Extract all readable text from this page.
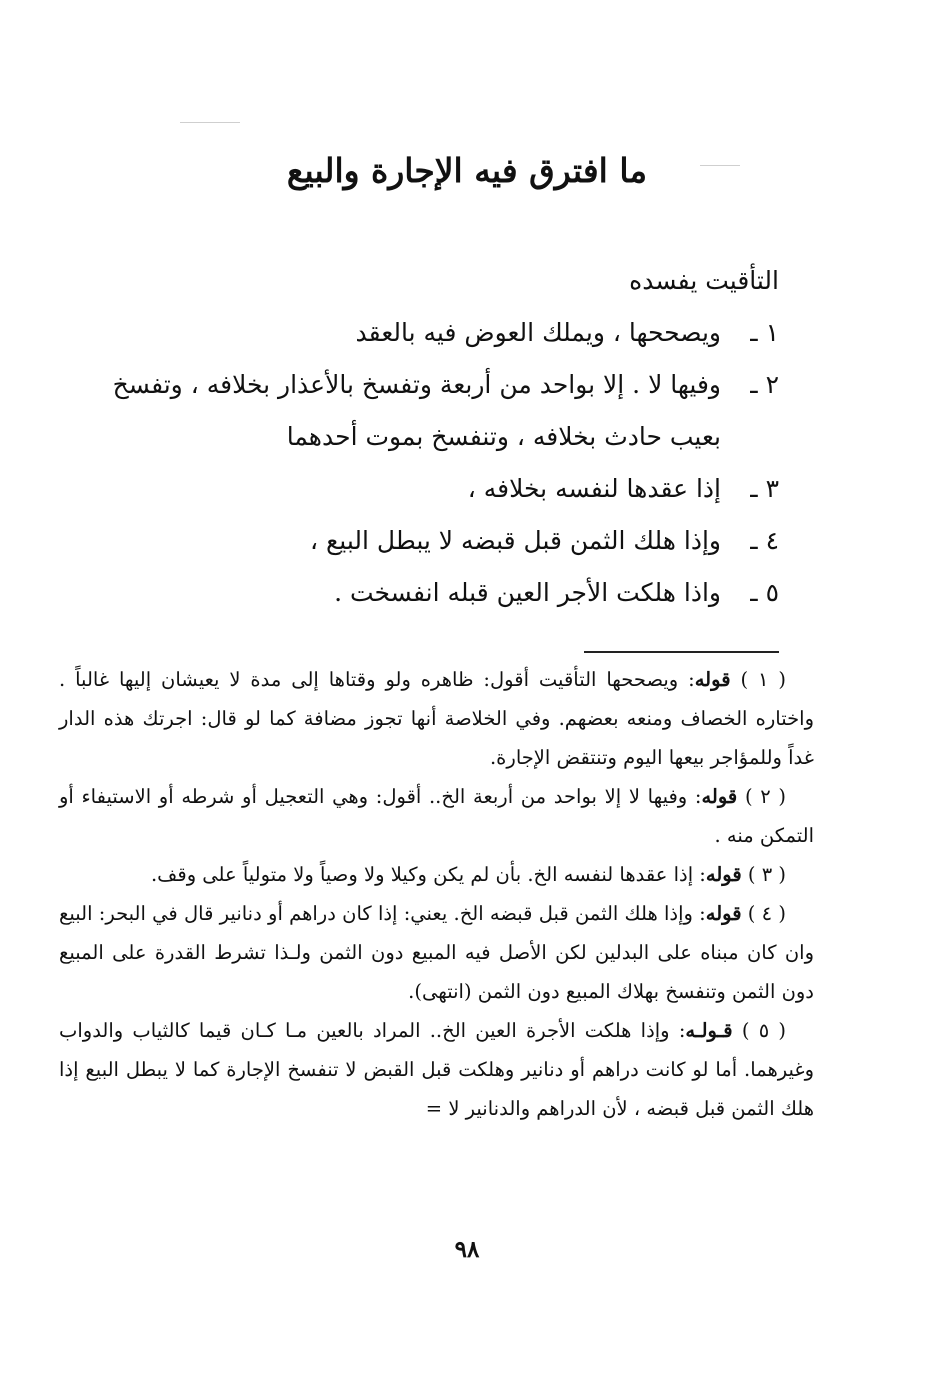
ما افترق فيه الإجارة والبيع

التأقيت يفسده

١ ـ
ويصححها ، ويملك العوض فيه بالعقد
٢ ـ
وفيها لا . إلا بواحد من أربعة وتفسخ بالأعذار بخلافه ، وتفسخ بعيب حادث بخلافه ، وتنفسخ بموت أحدهما
٣ ـ
إذا عقدها لنفسه بخلافه ،
٤ ـ
وإذا هلك الثمن قبل قبضه لا يبطل البيع ،
٥ ـ
واذا هلكت الأجر العين قبله انفسخت .

( ١ ) قوله: ويصححها التأقيت أقول: ظاهره ولو وقتاها إلى مدة لا يعيشان إليها غالباً . واختاره الخصاف ومنعه بعضهم. وفي الخلاصة أنها تجوز مضافة كما لو قال: اجرتك هذه الدار غداً وللمؤاجر بيعها اليوم وتنتقض الإجارة.

( ٢ ) قوله: وفيها لا إلا بواحد من أربعة الخ.. أقول: وهي التعجيل أو شرطه أو الاستيفاء أو التمكن منه .

( ٣ ) قوله: إذا عقدها لنفسه الخ. بأن لم يكن وكيلا ولا وصياً ولا متولياً على وقف.

( ٤ ) قوله: وإذا هلك الثمن قبل قبضه الخ. يعني: إذا كان دراهم أو دنانير قال في البحر: البيع وان كان مبناه على البدلين لكن الأصل فيه المبيع دون الثمن ولـذا تشرط القدرة على المبيع دون الثمن وتنفسخ بهلاك المبيع دون الثمن (انتهى).

( ٥ ) قـولـه: وإذا هلكت الأجرة العين الخ.. المراد بالعين مـا كـان قيما كالثياب والدواب وغيرهما. أما لو كانت دراهم أو دنانير وهلكت قبل القبض لا تنفسخ الإجارة كما لا يبطل البيع إذا هلك الثمن قبل قبضه ، لأن الدراهم والدنانير لا =

٩٨
